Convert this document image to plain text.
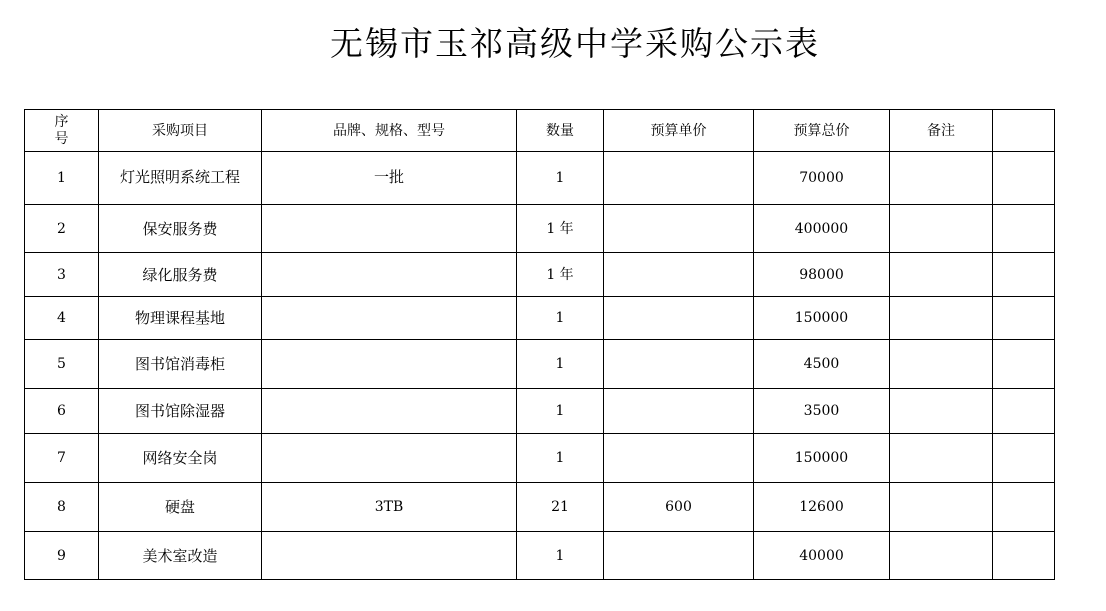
无锡市玉祁高级中学采购公示表
序号	采购项目	品牌、规格、型号	数量	预算单价	预算总价	备注	
1	灯光照明系统工程	一批	1		70000		
2	保安服务费		1 年		400000		
3	绿化服务费		1 年		98000		
4	物理课程基地		1		150000		
5	图书馆消毒柜		1		4500		
6	图书馆除湿器		1		3500		
7	网络安全岗		1		150000		
8	硬盘	3TB	21	600	12600		
9	美术室改造		1		40000		
